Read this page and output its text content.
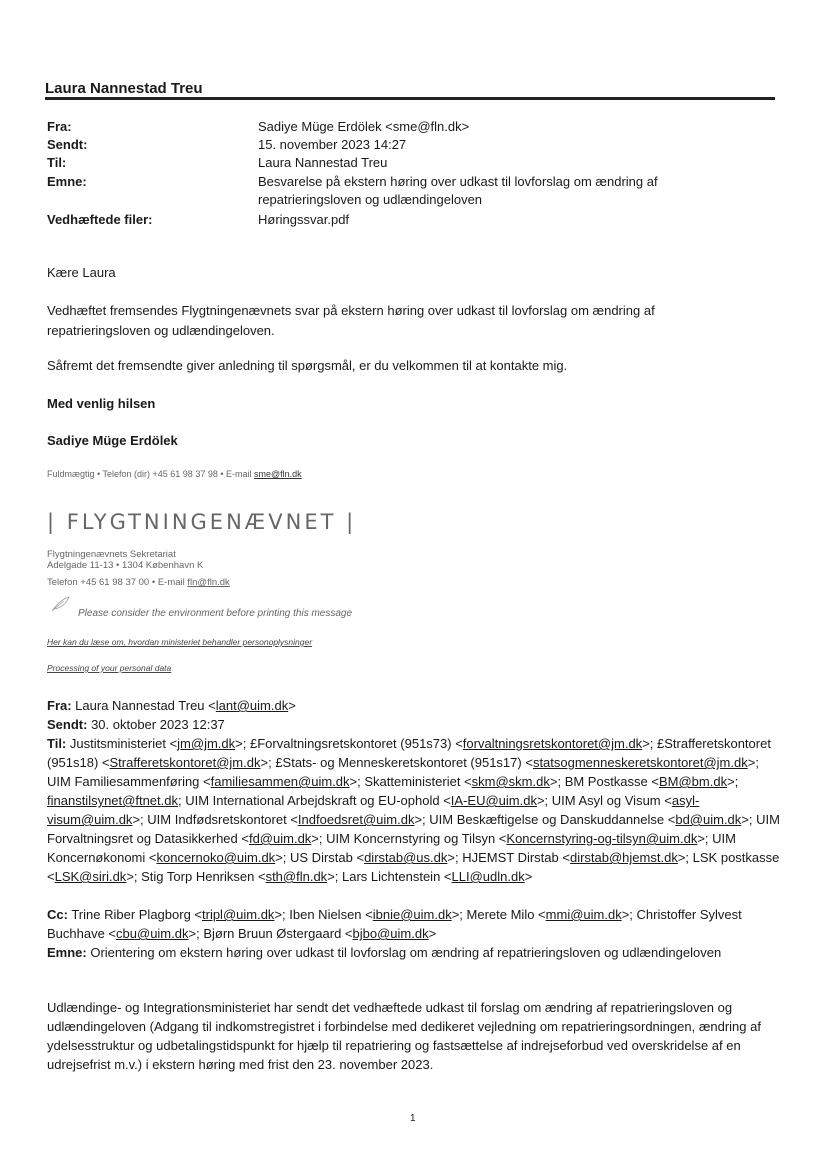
Laura Nannestad Treu
Fra:	Sadiye Müge Erdölek <sme@fln.dk>
Sendt:	15. november 2023 14:27
Til:	Laura Nannestad Treu
Emne:	Besvarelse på ekstern høring over udkast til lovforslag om ændring af repatrieringsloven og udlændingeloven
Vedhæftede filer:	Høringssvar.pdf
Kære Laura
Vedhæftet fremsendes Flygtningenævnets svar på ekstern høring over udkast til lovforslag om ændring af repatrieringsloven og udlændingeloven.
Såfremt det fremsendte giver anledning til spørgsmål, er du velkommen til at kontakte mig.
Med venlig hilsen
Sadiye Müge Erdölek
Fuldmægtig • Telefon (dir) +45 61 98 37 98 • E-mail sme@fln.dk
| FLYGTNINGENÆVNET |
Flygtningenævnets Sekretariat
Adelgade 11-13 • 1304 København K
Telefon +45 61 98 37 00 • E-mail fln@fln.dk
Please consider the environment before printing this message
Her kan du læse om, hvordan ministeriet behandler personoplysninger
Processing of your personal data
Fra: Laura Nannestad Treu <lant@uim.dk>
Sendt: 30. oktober 2023 12:37
Til: Justitsministeriet <jm@jm.dk>; £Forvaltningsretskontoret (951s73) <forvaltningsretskontoret@jm.dk>; £Strafferetskontoret (951s18) <Strafferetskontoret@jm.dk>; £Stats- og Menneskeretskontoret (951s17) <statsogmenneskeretskontoret@jm.dk>; UIM Familiesammenføring <familiesammen@uim.dk>; Skatteministeriet <skm@skm.dk>; BM Postkasse <BM@bm.dk>; finanstilsynet@ftnet.dk; UIM International Arbejdskraft og EU-ophold <IA-EU@uim.dk>; UIM Asyl og Visum <asyl-visum@uim.dk>; UIM Indfødsretskontoret <Indfoedsret@uim.dk>; UIM Beskæftigelse og Danskuddannelse <bd@uim.dk>; UIM Forvaltningsret og Datasikkerhed <fd@uim.dk>; UIM Koncernstyring og Tilsyn <Koncernstyring-og-tilsyn@uim.dk>; UIM Koncernøkonomi <koncernoko@uim.dk>; US Dirstab <dirstab@us.dk>; HJEMST Dirstab <dirstab@hjemst.dk>; LSK postkasse <LSK@siri.dk>; Stig Torp Henriksen <sth@fln.dk>; Lars Lichtenstein <LLI@udln.dk>
Cc: Trine Riber Plagborg <tripl@uim.dk>; Iben Nielsen <ibnie@uim.dk>; Merete Milo <mmi@uim.dk>; Christoffer Sylvest Buchhave <cbu@uim.dk>; Bjørn Bruun Østergaard <bjbo@uim.dk>
Emne: Orientering om ekstern høring over udkast til lovforslag om ændring af repatrieringsloven og udlændingeloven
Udlændinge- og Integrationsministeriet har sendt det vedhæftede udkast til forslag om ændring af repatrieringsloven og udlændingeloven (Adgang til indkomstregistret i forbindelse med dedikeret vejledning om repatrieringsordningen, ændring af ydelsesstruktur og udbetalingstidspunkt for hjælp til repatriering og fastsættelse af indrejseforbud ved overskridelse af en udrejsefrist m.v.) i ekstern høring med frist den 23. november 2023.
1
